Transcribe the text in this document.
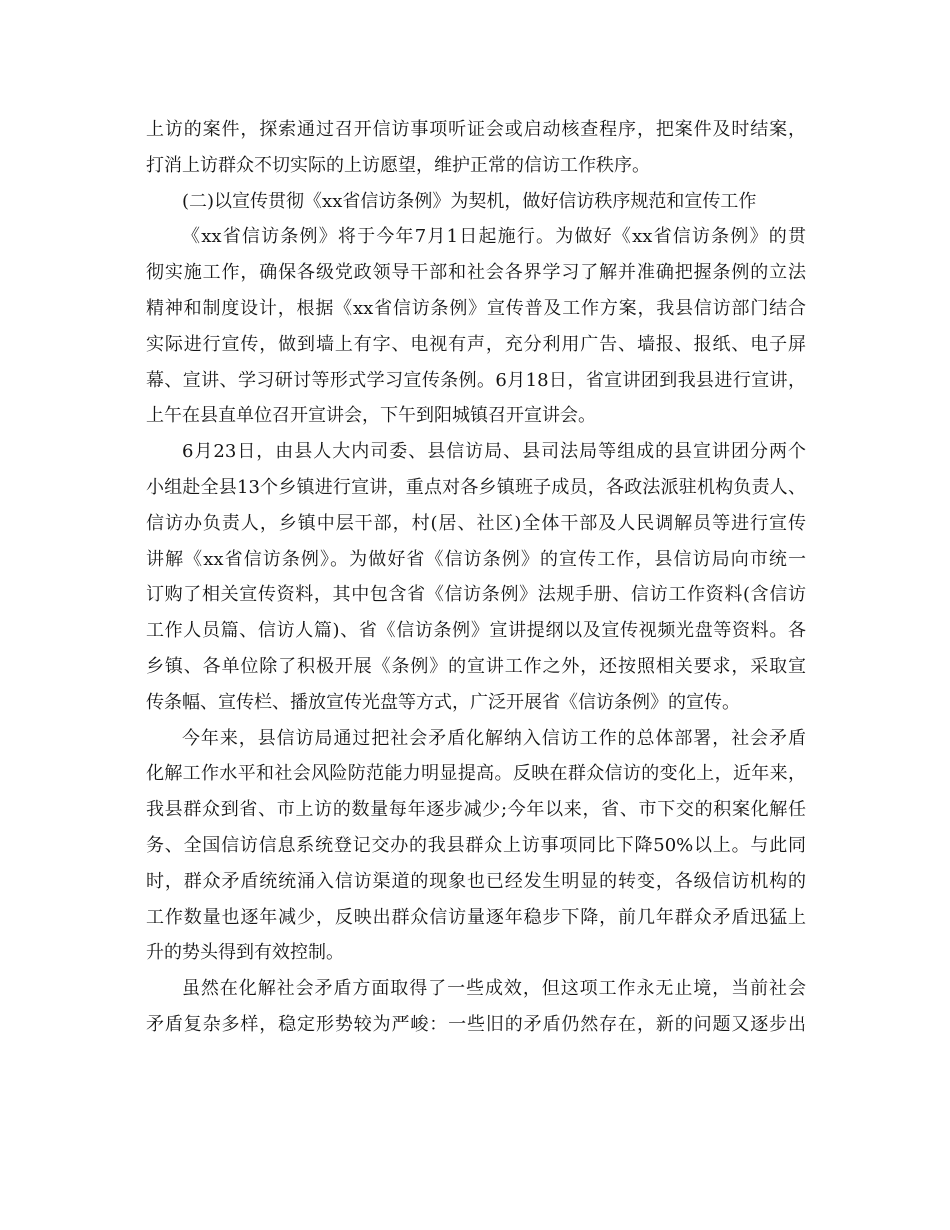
上访的案件，探索通过召开信访事项听证会或启动核查程序，把案件及时结案，
打消上访群众不切实际的上访愿望，维护正常的信访工作秩序。
(二)以宣传贯彻《xx省信访条例》为契机，做好信访秩序规范和宣传工作
《xx省信访条例》将于今年7月1日起施行。为做好《xx省信访条例》的贯
彻实施工作，确保各级党政领导干部和社会各界学习了解并准确把握条例的立法
精神和制度设计，根据《xx省信访条例》宣传普及工作方案，我县信访部门结合
实际进行宣传，做到墙上有字、电视有声，充分利用广告、墙报、报纸、电子屏
幕、宣讲、学习研讨等形式学习宣传条例。6月18日，省宣讲团到我县进行宣讲，
上午在县直单位召开宣讲会，下午到阳城镇召开宣讲会。
6月23日，由县人大内司委、县信访局、县司法局等组成的县宣讲团分两个
小组赴全县13个乡镇进行宣讲，重点对各乡镇班子成员，各政法派驻机构负责人、
信访办负责人，乡镇中层干部，村(居、社区)全体干部及人民调解员等进行宣传
讲解《xx省信访条例》。为做好省《信访条例》的宣传工作，县信访局向市统一
订购了相关宣传资料，其中包含省《信访条例》法规手册、信访工作资料(含信访
工作人员篇、信访人篇)、省《信访条例》宣讲提纲以及宣传视频光盘等资料。各
乡镇、各单位除了积极开展《条例》的宣讲工作之外，还按照相关要求，采取宣
传条幅、宣传栏、播放宣传光盘等方式，广泛开展省《信访条例》的宣传。
今年来，县信访局通过把社会矛盾化解纳入信访工作的总体部署，社会矛盾
化解工作水平和社会风险防范能力明显提高。反映在群众信访的变化上，近年来，
我县群众到省、市上访的数量每年逐步减少;今年以来，省、市下交的积案化解任
务、全国信访信息系统登记交办的我县群众上访事项同比下降50%以上。与此同
时，群众矛盾统统涌入信访渠道的现象也已经发生明显的转变，各级信访机构的
工作数量也逐年减少，反映出群众信访量逐年稳步下降，前几年群众矛盾迅猛上
升的势头得到有效控制。
虽然在化解社会矛盾方面取得了一些成效，但这项工作永无止境，当前社会
矛盾复杂多样，稳定形势较为严峻：一些旧的矛盾仍然存在，新的问题又逐步出
